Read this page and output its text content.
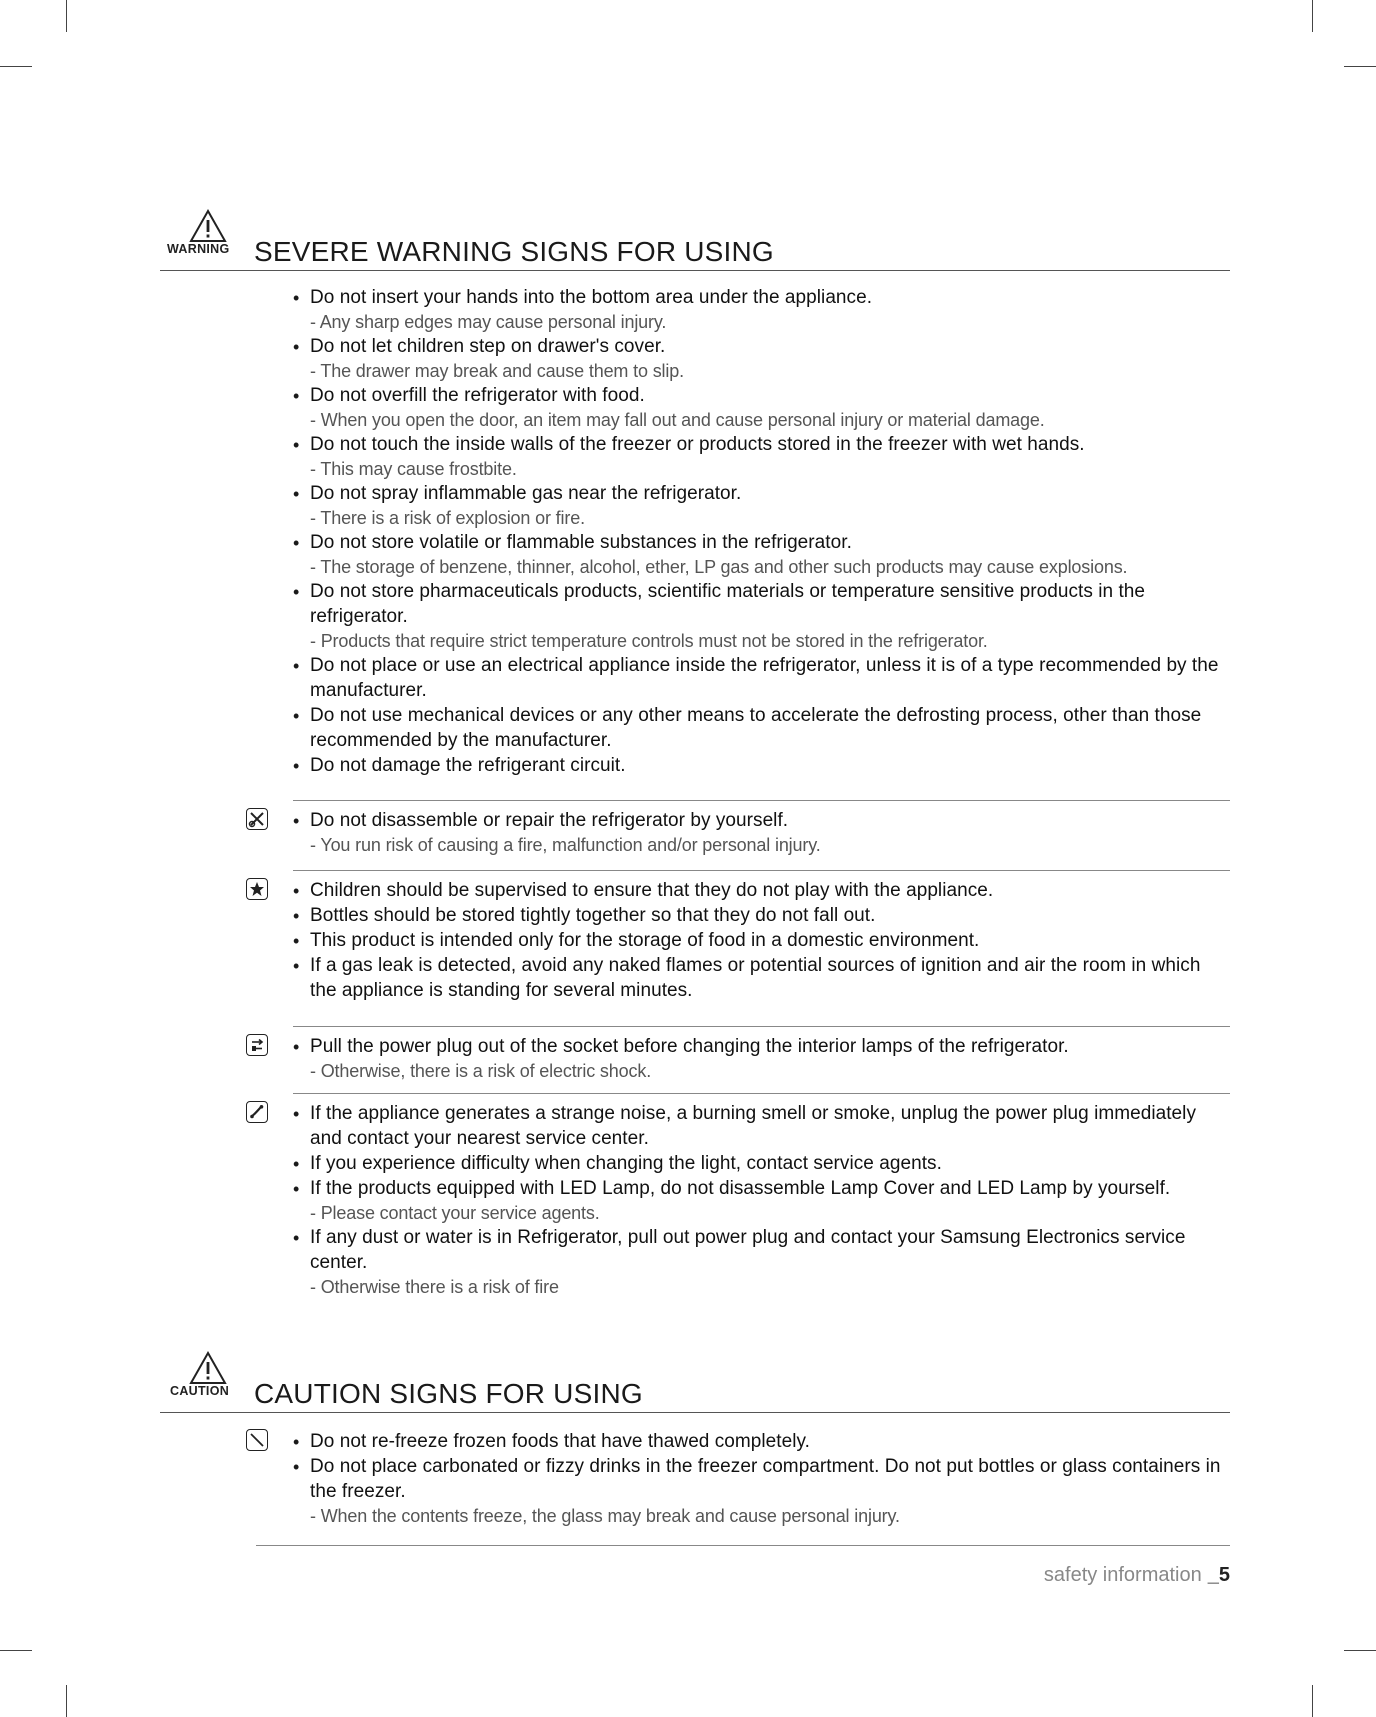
WARNING SEVERE WARNING SIGNS FOR USING
• Do not insert your hands into the bottom area under the appliance.
- Any sharp edges may cause personal injury.
• Do not let children step on drawer's cover.
- The drawer may break and cause them to slip.
• Do not overfill the refrigerator with food.
- When you open the door, an item may fall out and cause personal injury or material damage.
• Do not touch the inside walls of the freezer or products stored in the freezer with wet hands.
- This may cause frostbite.
• Do not spray inflammable gas near the refrigerator.
- There is a risk of explosion or fire.
• Do not store volatile or flammable substances in the refrigerator.
- The storage of benzene, thinner, alcohol, ether, LP gas and other such products may cause explosions.
• Do not store pharmaceuticals products, scientific materials or temperature sensitive products in the refrigerator.
- Products that require strict temperature controls must not be stored in the refrigerator.
• Do not place or use an electrical appliance inside the refrigerator, unless it is of a type recommended by the manufacturer.
• Do not use mechanical devices or any other means to accelerate the defrosting process, other than those recommended by the manufacturer.
• Do not damage the refrigerant circuit.
• Do not disassemble or repair the refrigerator by yourself.
- You run risk of causing a fire, malfunction and/or personal injury.
• Children should be supervised to ensure that they do not play with the appliance.
• Bottles should be stored tightly together so that they do not fall out.
• This product is intended only for the storage of food in a domestic environment.
• If a gas leak is detected, avoid any naked flames or potential sources of ignition and air the room in which the appliance is standing for several minutes.
• Pull the power plug out of the socket before changing the interior lamps of the refrigerator.
- Otherwise, there is a risk of electric shock.
• If the appliance generates a strange noise, a burning smell or smoke, unplug the power plug immediately and contact your nearest service center.
• If you experience difficulty when changing the light, contact service agents.
• If the products equipped with LED Lamp, do not disassemble Lamp Cover and LED Lamp by yourself.
- Please contact your service agents.
• If any dust or water is in Refrigerator, pull out power plug and contact your Samsung Electronics service center.
- Otherwise there is a risk of fire
CAUTION CAUTION SIGNS FOR USING
• Do not re-freeze frozen foods that have thawed completely.
• Do not place carbonated or fizzy drinks in the freezer compartment. Do not put bottles or glass containers in the freezer.
- When the contents freeze, the glass may break and cause personal injury.
safety information _5
